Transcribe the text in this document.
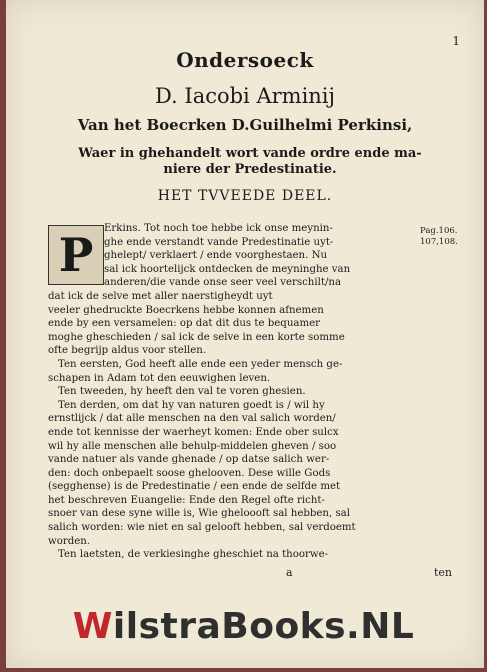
1
Ondersoeck
D. Iacobi Arminij
Van het Boecrken D.Guilhelmi Perkinsi,
Waer in ghehandelt wort vande ordre ende ma-
niere der Predestinatie.
HET TVVEEDE DEEL.
P	Erkins. Tot noch toe hebbe ick onse meynin-
ghe ende verstandt vande Predestinatie uyt-
ghelept/ verklaert / ende voorghestaen. Nu
sal ick hoortelijck ontdecken de meyninghe van
anderen/die vande onse seer veel verschilt/na
dat ick de selve met aller naerstigheydt uyt
veeler ghedruckte Boecrkens hebbe konnen afnemen
ende by een versamelen: op dat dit dus te bequamer
moghe gheschieden / sal ick de selve in een korte somme
ofte begrijp aldus voor stellen.
Ten eersten, God heeft alle ende een yeder mensch ge-
schapen in Adam tot den eeuwighen leven.
Ten tweeden, hy heeft den val te voren ghesien.
Ten derden, om dat hy van naturen goedt is / wil hy
ernstlijck / dat alle menschen na den val salich worden/
ende tot kennisse der waerheyt komen: Ende ober sulcx
wil hy alle menschen alle behulp-middelen gheven / soo
vande natuer als vande ghenade / op datse salich wer-
den: doch onbepaelt soose ghelooven. Dese wille Gods
(segghense) is de Predestinatie / een ende de selfde met
het beschreven Euangelie: Ende den Regel ofte richt-
snoer van dese syne wille is, Wie gheloooft sal hebben, sal
salich worden: wie niet en sal gelooft hebben, sal verdoemt
worden.
Ten laetsten, de verkiesinghe gheschiet na thoorwe-
Pag.106.
107,108.
a	ten
WilstraBooks.NL
